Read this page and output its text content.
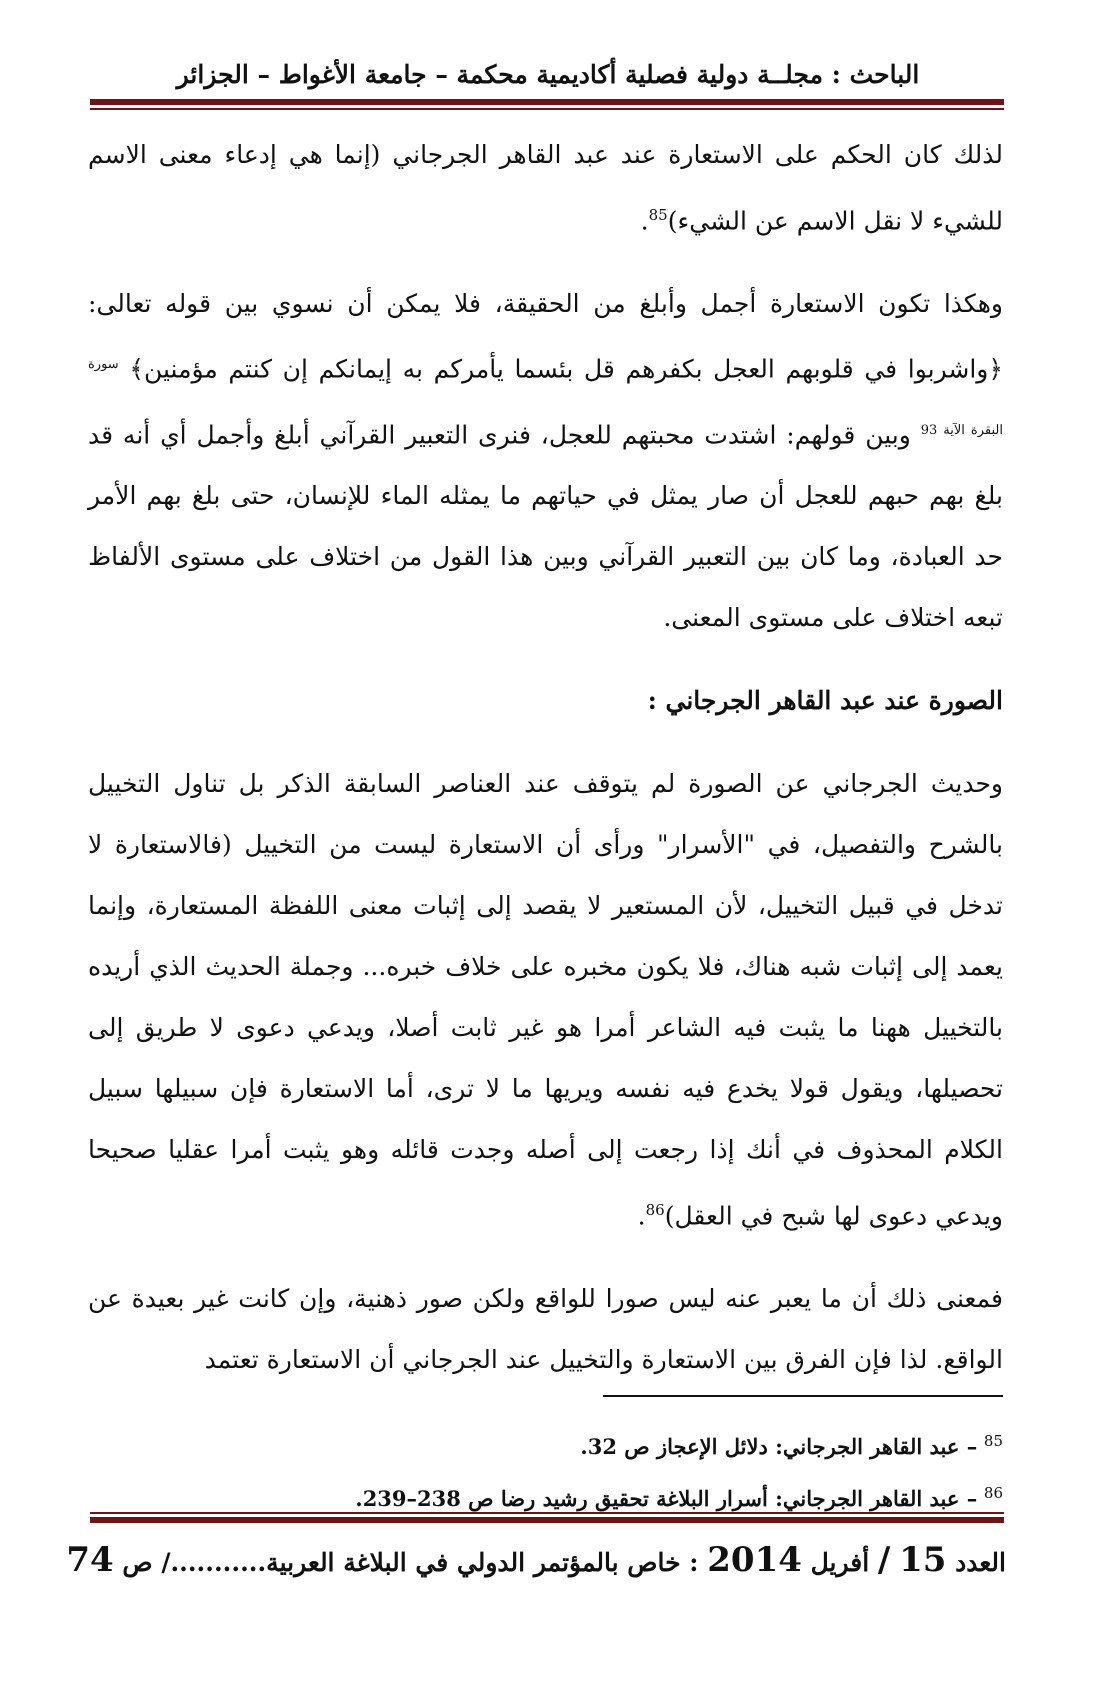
الباحث : مجلــة دولية فصلية أكاديمية محكمة – جامعة الأغواط – الجزائر

لذلك كان الحكم على الاستعارة عند عبد القاهر الجرجاني (إنما هي إدعاء معنى الاسم للشيء لا نقل الاسم عن الشيء)$^{85}$.

وهكذا تكون الاستعارة أجمل وأبلغ من الحقيقة، فلا يمكن أن نسوي بين قوله تعالى: ﴿واشربوا في قلوبهم العجل بكفرهم قل بئسما يأمركم به إيمانكم إن كنتم مؤمنين﴾ $^{سورة البقرة الآية 93}$ وبين قولهم: اشتدت محبتهم للعجل، فنرى التعبير القرآني أبلغ وأجمل أي أنه قد بلغ بهم حبهم للعجل أن صار يمثل في حياتهم ما يمثله الماء للإنسان، حتى بلغ بهم الأمر حد العبادة، وما كان بين التعبير القرآني وبين هذا القول من اختلاف على مستوى الألفاظ تبعه اختلاف على مستوى المعنى.

الصورة عند عبد القاهر الجرجاني :

وحديث الجرجاني عن الصورة لم يتوقف عند العناصر السابقة الذكر بل تناول التخييل بالشرح والتفصيل، في "الأسرار" ورأى أن الاستعارة ليست من التخييل (فالاستعارة لا تدخل في قبيل التخييل، لأن المستعير لا يقصد إلى إثبات معنى اللفظة المستعارة، وإنما يعمد إلى إثبات شبه هناك، فلا يكون مخبره على خلاف خبره... وجملة الحديث الذي أريده بالتخييل ههنا ما يثبت فيه الشاعر أمرا هو غير ثابت أصلا، ويدعي دعوى لا طريق إلى تحصيلها، ويقول قولا يخدع فيه نفسه ويريها ما لا ترى، أما الاستعارة فإن سبيلها سبيل الكلام المحذوف في أنك إذا رجعت إلى أصله وجدت قائله وهو يثبت أمرا عقليا صحيحا ويدعي دعوى لها شبح في العقل)$^{86}$.

فمعنى ذلك أن ما يعبر عنه ليس صورا للواقع ولكن صور ذهنية، وإن كانت غير بعيدة عن الواقع. لذا فإن الفرق بين الاستعارة والتخييل عند الجرجاني أن الاستعارة تعتمد

$^{85}$ – عبد القاهر الجرجاني: دلائل الإعجاز ص 32.
$^{86}$ – عبد القاهر الجرجاني: أسرار البلاغة تحقيق رشيد رضا ص 238–239.
العدد 15 / أفريل 2014 : خاص بالمؤتمر الدولي في البلاغة العربية.........../ ص 74
